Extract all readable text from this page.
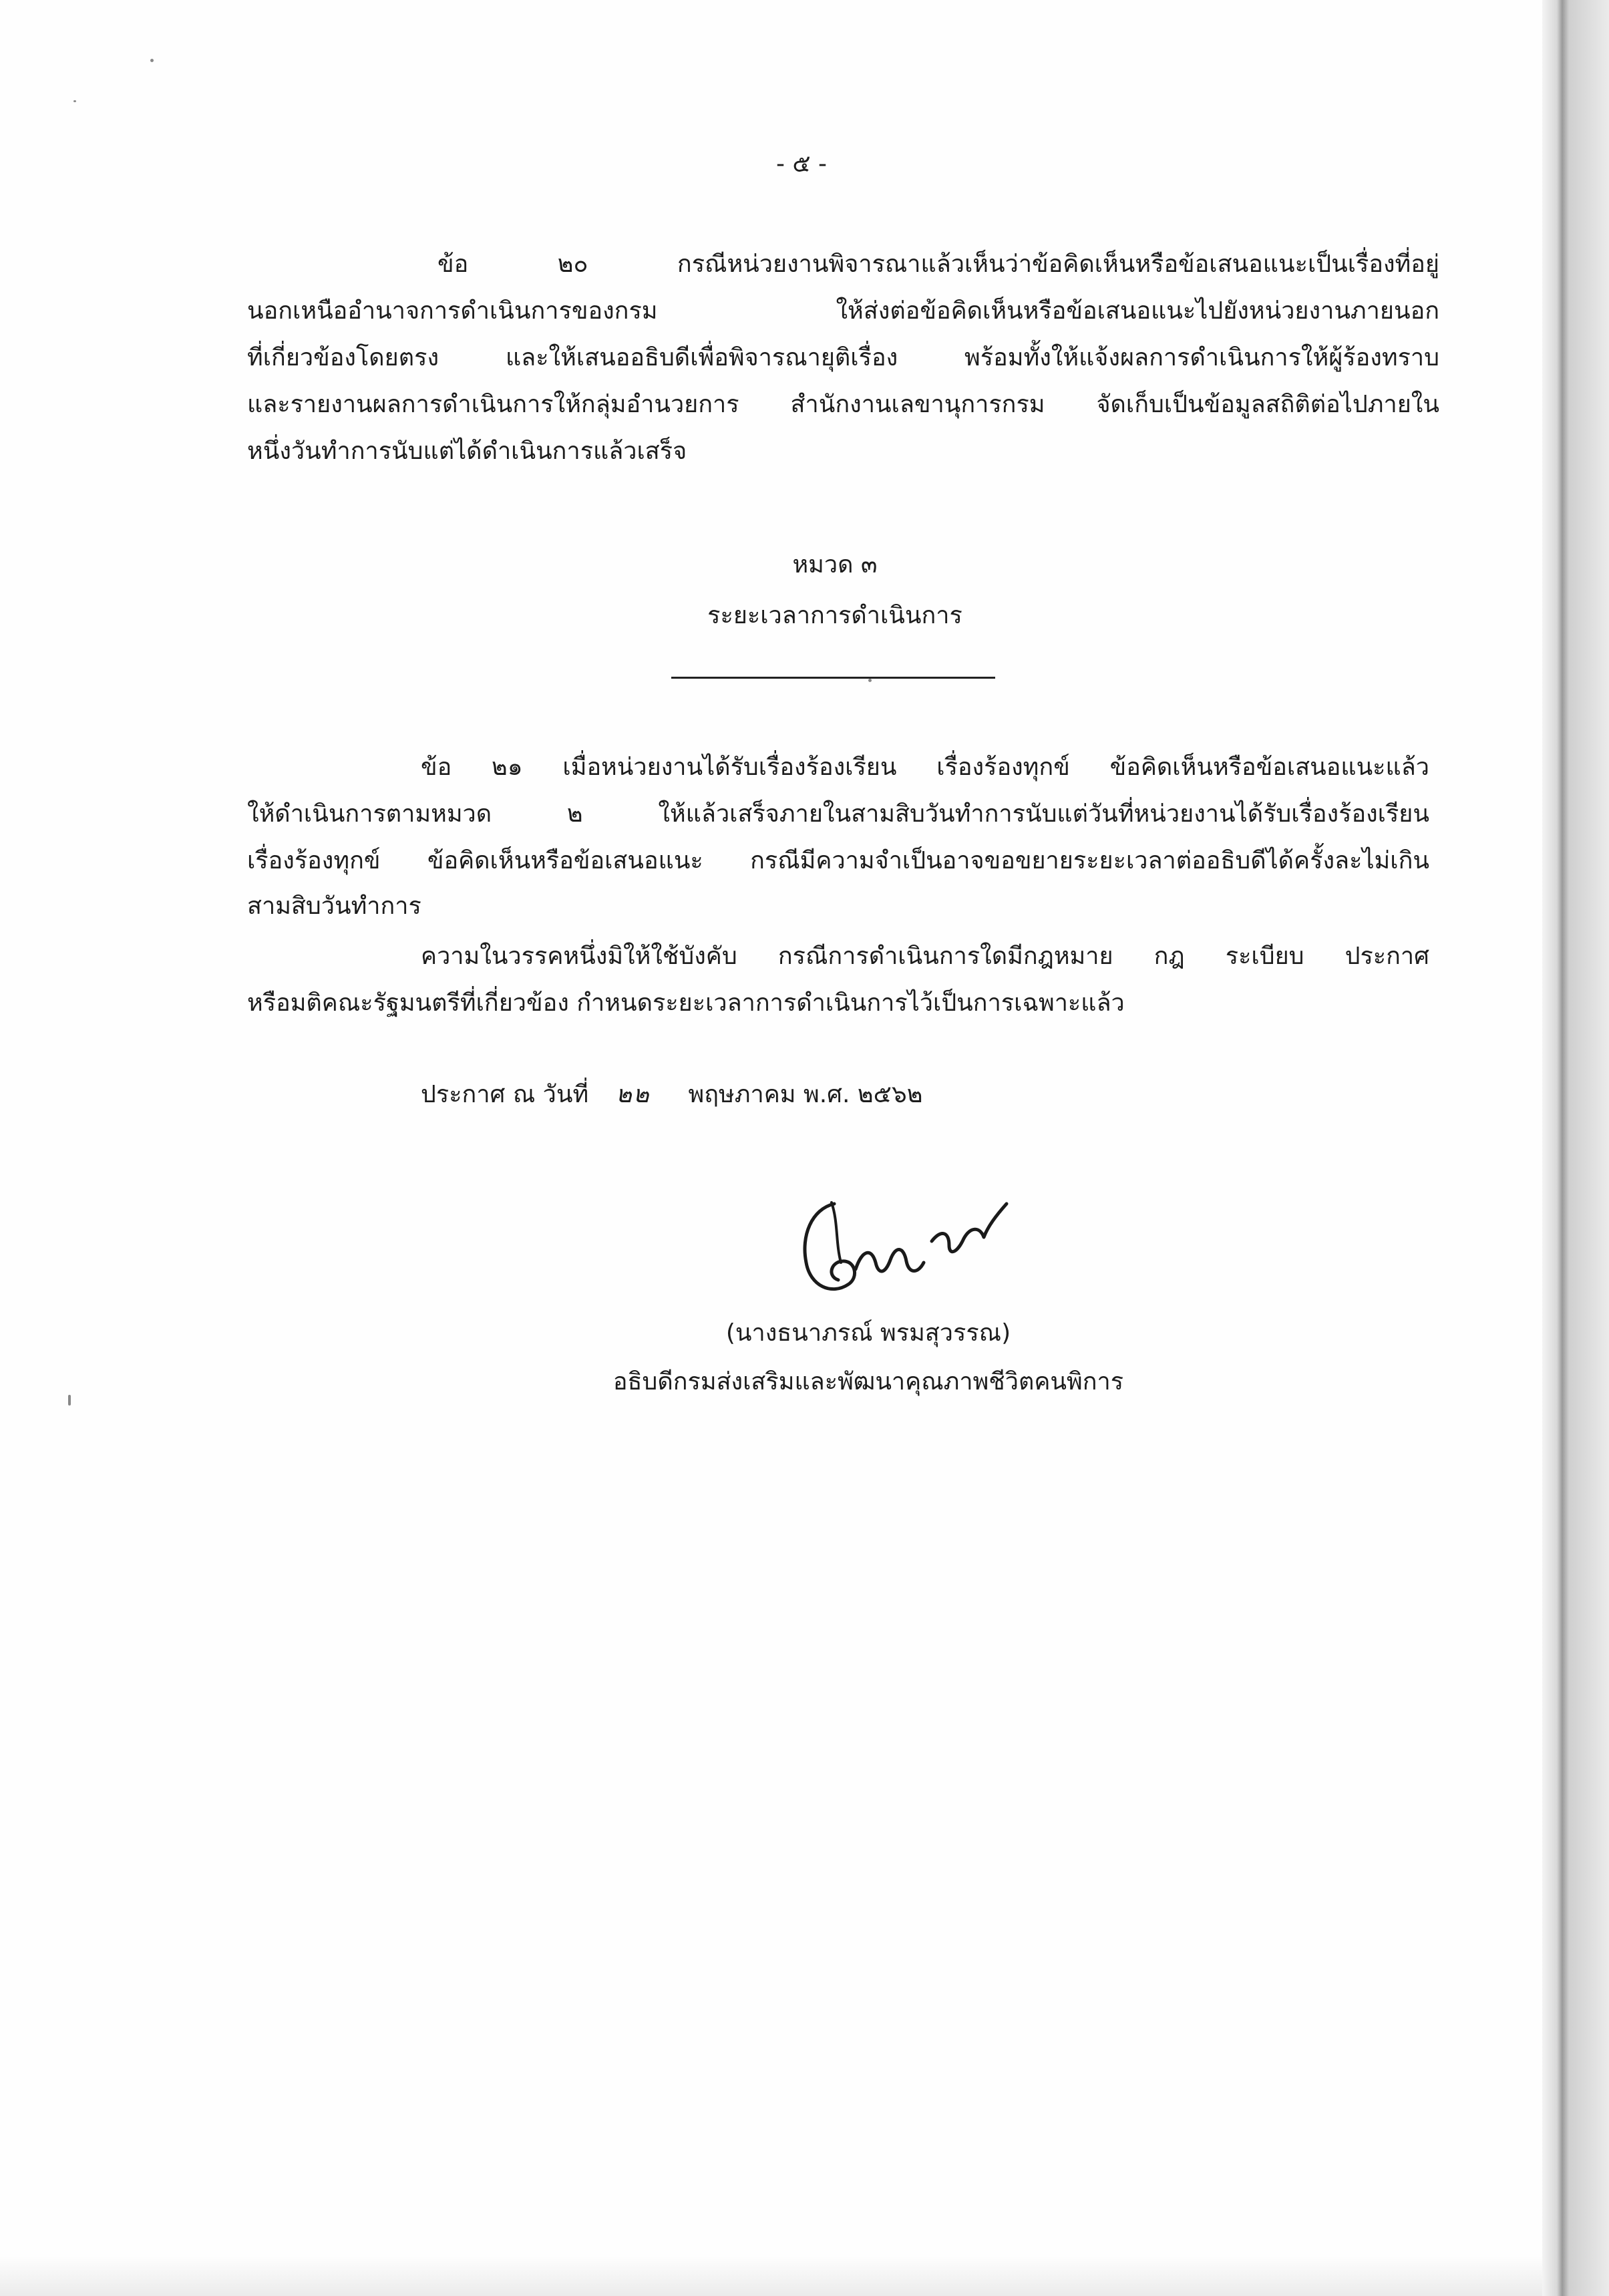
- ๕ -

ข้อ ๒๐ กรณีหน่วยงานพิจารณาแล้วเห็นว่าข้อคิดเห็นหรือข้อเสนอแนะเป็นเรื่องที่อยู่

นอกเหนืออำนาจการดำเนินการของกรม ให้ส่งต่อข้อคิดเห็นหรือข้อเสนอแนะไปยังหน่วยงานภายนอก

ที่เกี่ยวข้องโดยตรง และให้เสนออธิบดีเพื่อพิจารณายุติเรื่อง พร้อมทั้งให้แจ้งผลการดำเนินการให้ผู้ร้องทราบ

และรายงานผลการดำเนินการให้กลุ่มอำนวยการ สำนักงานเลขานุการกรม จัดเก็บเป็นข้อมูลสถิติต่อไปภายใน

หนึ่งวันทำการนับแต่ได้ดำเนินการแล้วเสร็จ

หมวด ๓

ระยะเวลาการดำเนินการ

ข้อ ๒๑ เมื่อหน่วยงานได้รับเรื่องร้องเรียน เรื่องร้องทุกข์ ข้อคิดเห็นหรือข้อเสนอแนะแล้ว

ให้ดำเนินการตามหมวด ๒ ให้แล้วเสร็จภายในสามสิบวันทำการนับแต่วันที่หน่วยงานได้รับเรื่องร้องเรียน

เรื่องร้องทุกข์ ข้อคิดเห็นหรือข้อเสนอแนะ กรณีมีความจำเป็นอาจขอขยายระยะเวลาต่ออธิบดีได้ครั้งละไม่เกิน

สามสิบวันทำการ

ความในวรรคหนึ่งมิให้ใช้บังคับ กรณีการดำเนินการใดมีกฎหมาย กฎ ระเบียบ ประกาศ

หรือมติคณะรัฐมนตรีที่เกี่ยวข้อง กำหนดระยะเวลาการดำเนินการไว้เป็นการเฉพาะแล้ว

ประกาศ ณ วันที่ ๒๒ พฤษภาคม พ.ศ. ๒๕๖๒

(นางธนาภรณ์ พรมสุวรรณ)

อธิบดีกรมส่งเสริมและพัฒนาคุณภาพชีวิตคนพิการ
